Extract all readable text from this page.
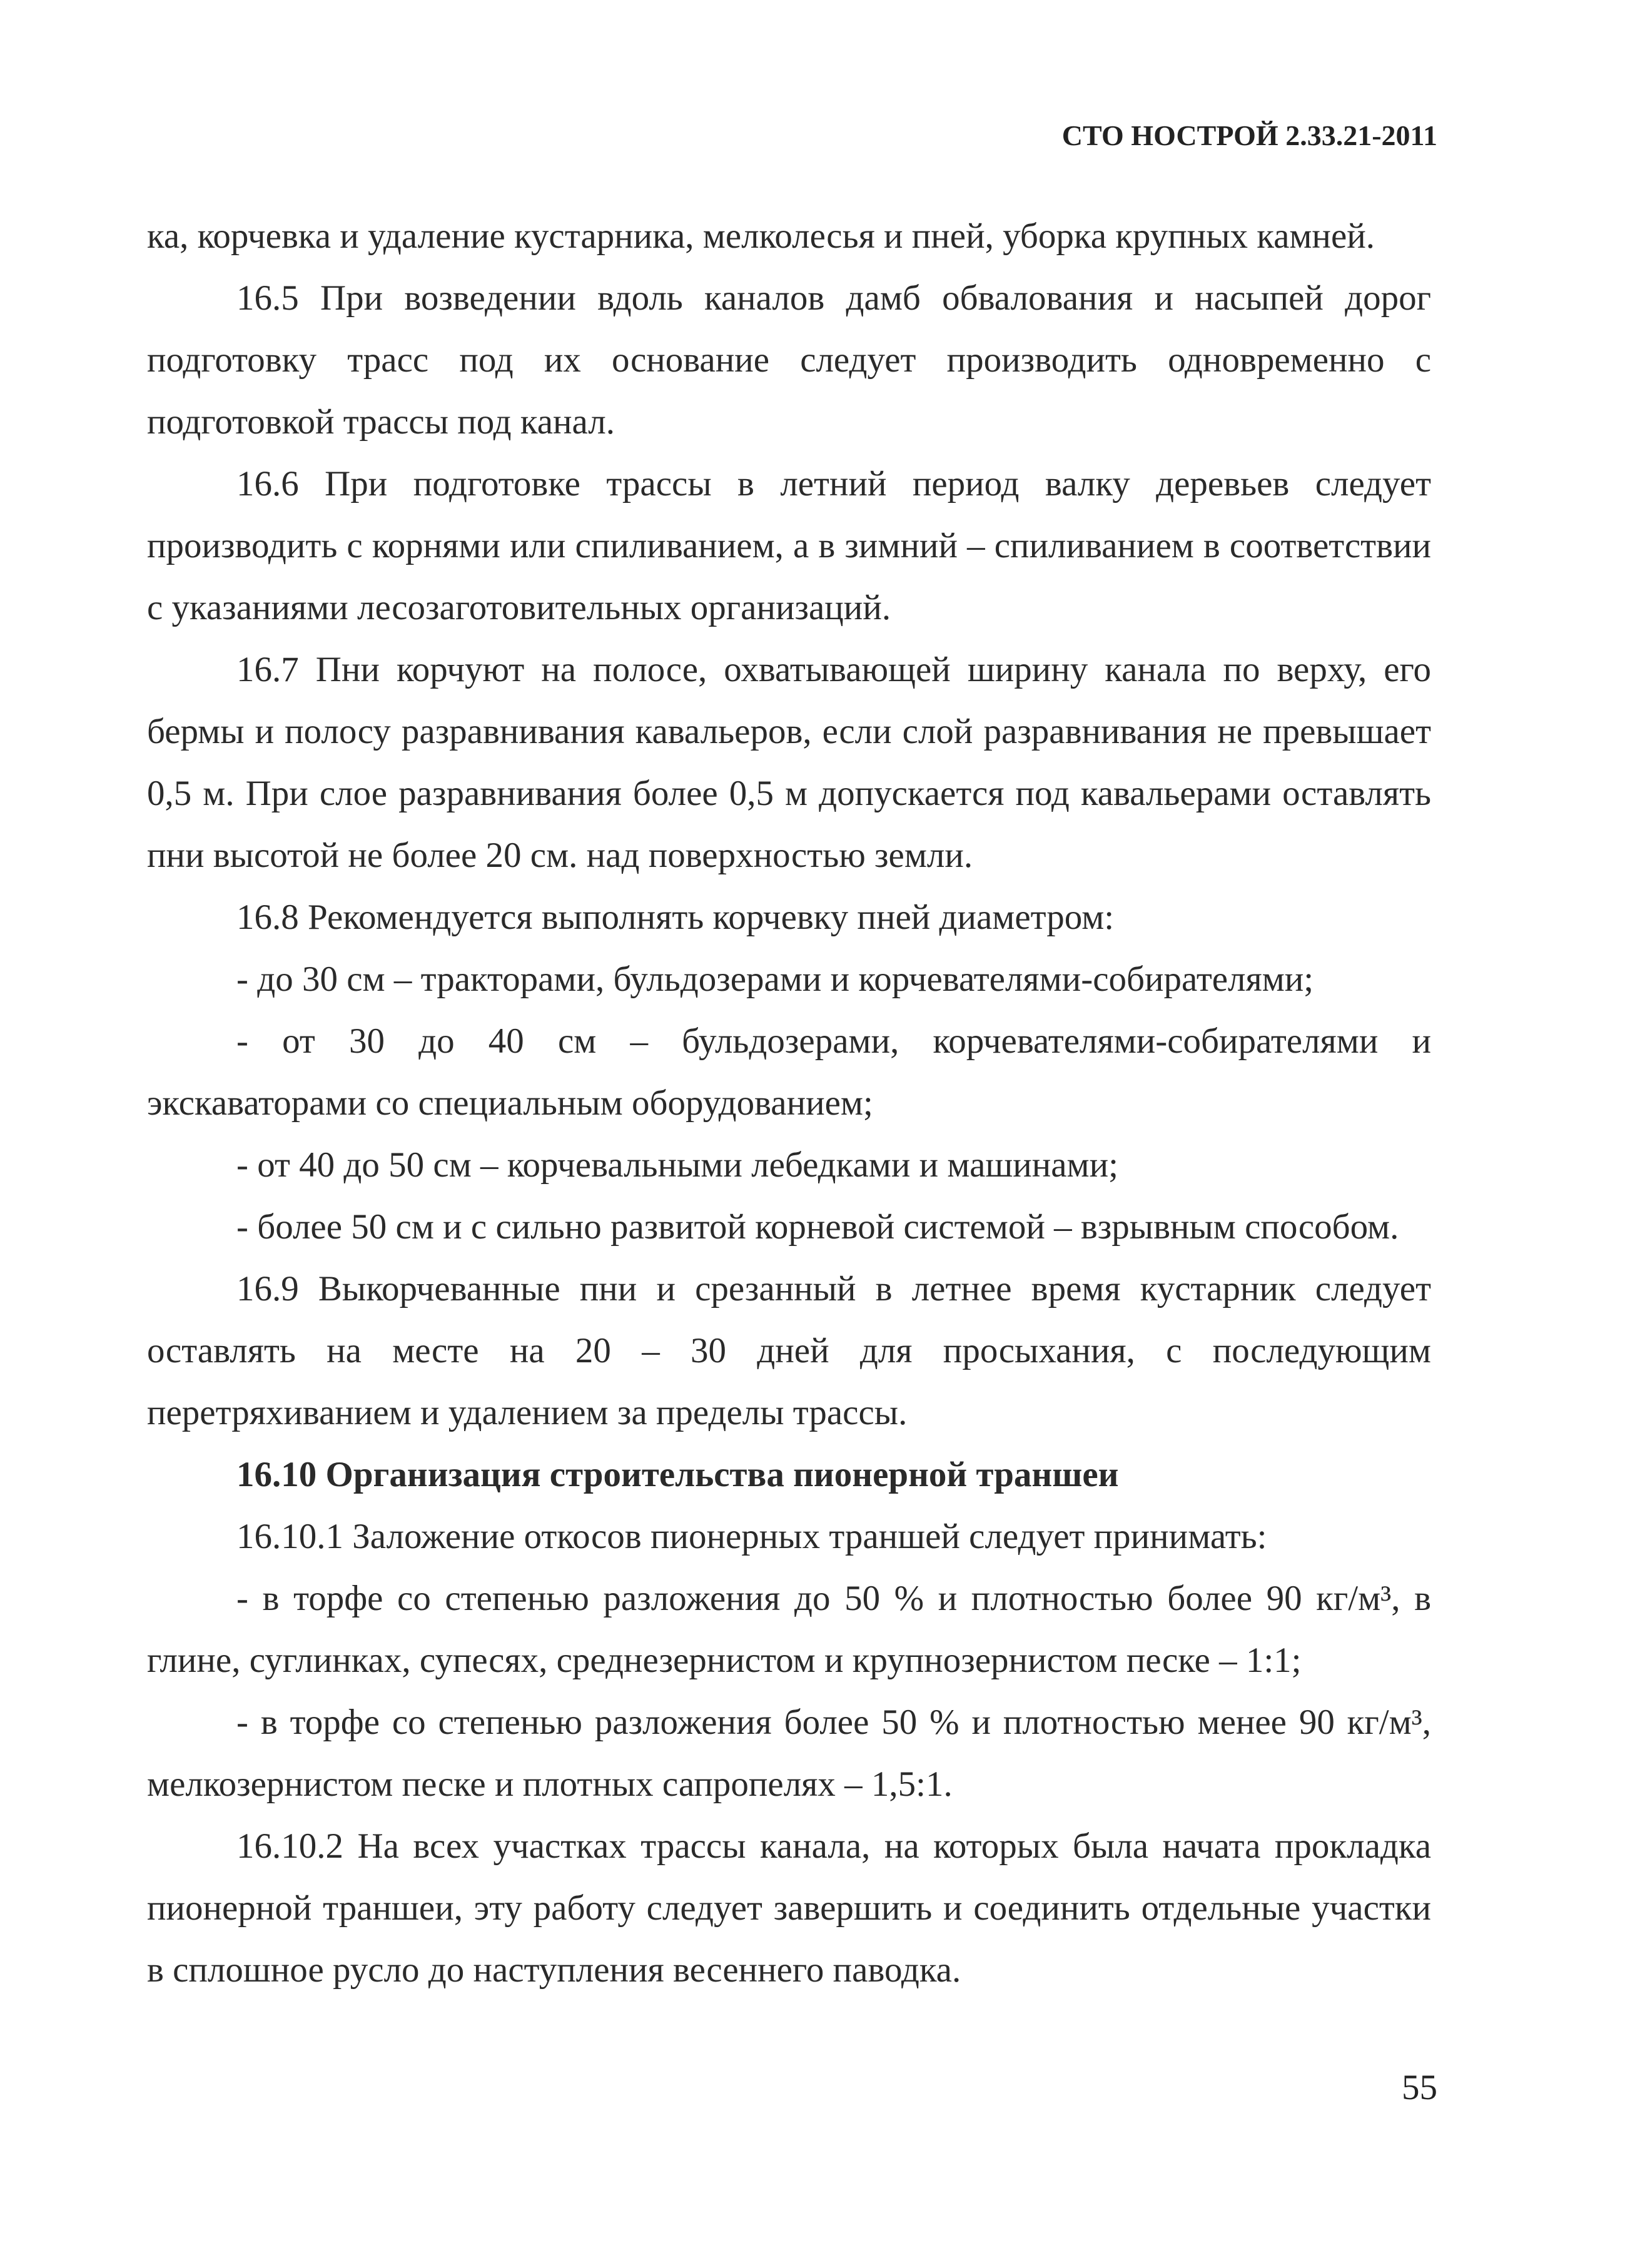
СТО НОСТРОЙ 2.33.21-2011

ка, корчевка и удаление кустарника, мелколесья и пней, уборка крупных камней.

16.5 При возведении вдоль каналов дамб обвалования и насыпей дорог подготовку трасс под их основание следует производить одновременно с подготовкой трассы под канал.

16.6 При подготовке трассы в летний период валку деревьев следует производить с корнями или спиливанием, а в зимний – спиливанием в соответствии с указаниями лесозаготовительных организаций.

16.7 Пни корчуют на полосе, охватывающей ширину канала по верху, его бермы и полосу разравнивания кавальеров, если слой разравнивания не превышает 0,5 м. При слое разравнивания более 0,5 м допускается под кавальерами оставлять пни высотой не более 20 см. над поверхностью земли.

16.8 Рекомендуется выполнять корчевку пней диаметром:

- до 30 см – тракторами, бульдозерами и корчевателями-собирателями;

- от 30 до 40 см – бульдозерами, корчевателями-собирателями и экскаваторами со специальным оборудованием;

- от 40 до 50 см – корчевальными лебедками и машинами;

- более 50 см и с сильно развитой корневой системой – взрывным способом.

16.9 Выкорчеванные пни и срезанный в летнее время кустарник следует оставлять на месте на 20 – 30 дней для просыхания, с последующим перетряхиванием и удалением за пределы трассы.

16.10 Организация строительства пионерной траншеи

16.10.1 Заложение откосов пионерных траншей следует принимать:

- в торфе со степенью разложения до 50 % и плотностью более 90 кг/м³, в глине, суглинках, супесях, среднезернистом и крупнозернистом песке – 1:1;

- в торфе со степенью разложения более 50 % и плотностью менее 90 кг/м³, мелкозернистом песке и плотных сапропелях – 1,5:1.

16.10.2 На всех участках трассы канала, на которых была начата прокладка пионерной траншеи, эту работу следует завершить и соединить отдельные участки в сплошное русло до наступления весеннего паводка.

55
